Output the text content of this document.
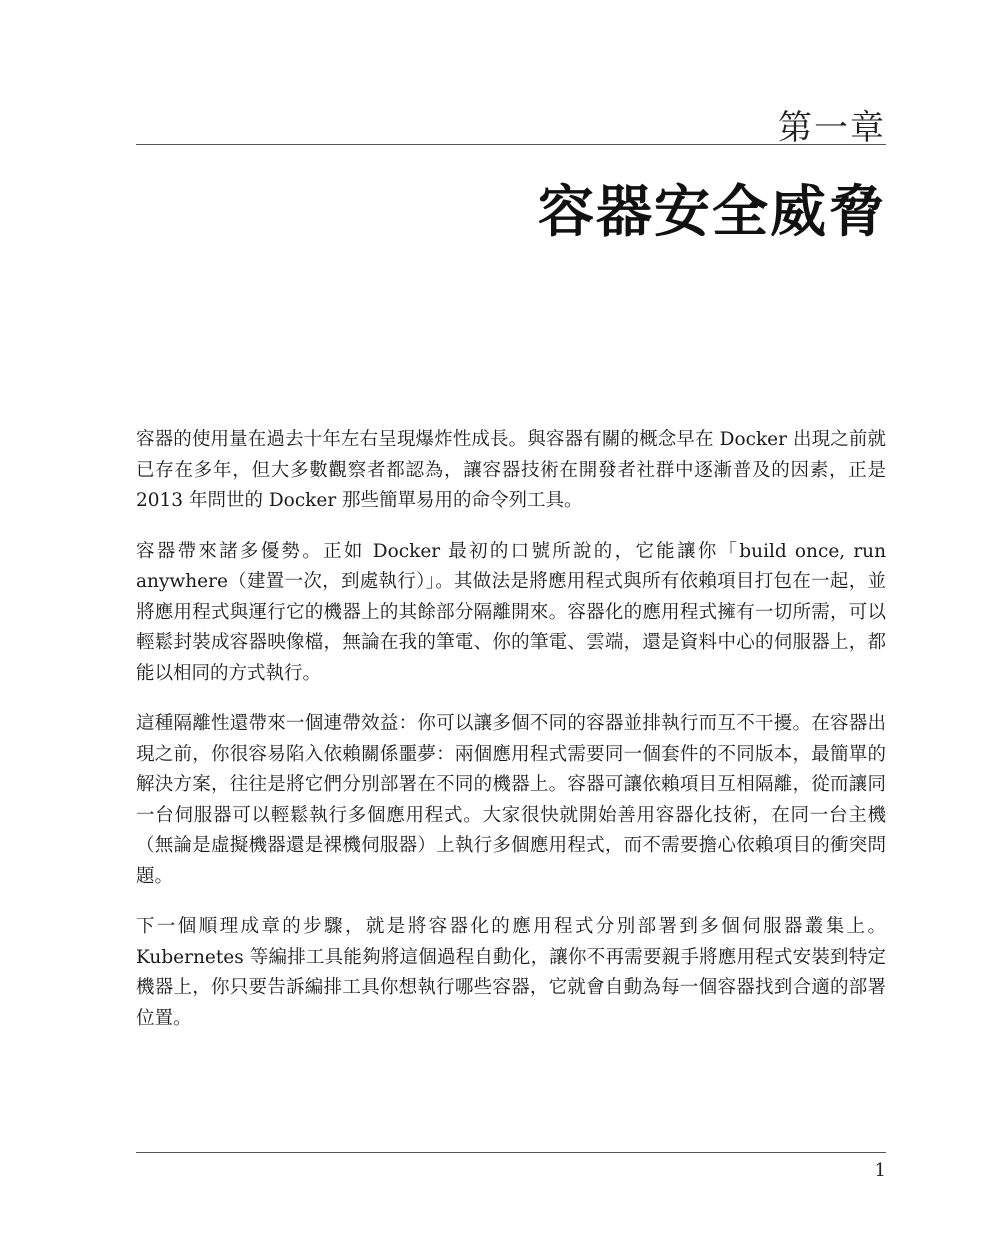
第一章
容器安全威脅

容器的使用量在過去十年左右呈現爆炸性成長。與容器有關的概念早在 Docker 出現之前就已存在多年，但大多數觀察者都認為，讓容器技術在開發者社群中逐漸普及的因素，正是 2013 年問世的 Docker 那些簡單易用的命令列工具。

容器帶來諸多優勢。正如 Docker 最初的口號所說的，它能讓你「build once, run anywhere（建置一次，到處執行）」。其做法是將應用程式與所有依賴項目打包在一起，並將應用程式與運行它的機器上的其餘部分隔離開來。容器化的應用程式擁有一切所需，可以輕鬆封裝成容器映像檔，無論在我的筆電、你的筆電、雲端，還是資料中心的伺服器上，都能以相同的方式執行。

這種隔離性還帶來一個連帶效益：你可以讓多個不同的容器並排執行而互不干擾。在容器出現之前，你很容易陷入依賴關係噩夢：兩個應用程式需要同一個套件的不同版本，最簡單的解決方案，往往是將它們分別部署在不同的機器上。容器可讓依賴項目互相隔離，從而讓同一台伺服器可以輕鬆執行多個應用程式。大家很快就開始善用容器化技術，在同一台主機（無論是虛擬機器還是裸機伺服器）上執行多個應用程式，而不需要擔心依賴項目的衝突問題。

下一個順理成章的步驟，就是將容器化的應用程式分別部署到多個伺服器叢集上。Kubernetes 等編排工具能夠將這個過程自動化，讓你不再需要親手將應用程式安裝到特定機器上，你只要告訴編排工具你想執行哪些容器，它就會自動為每一個容器找到合適的部署位置。

1
